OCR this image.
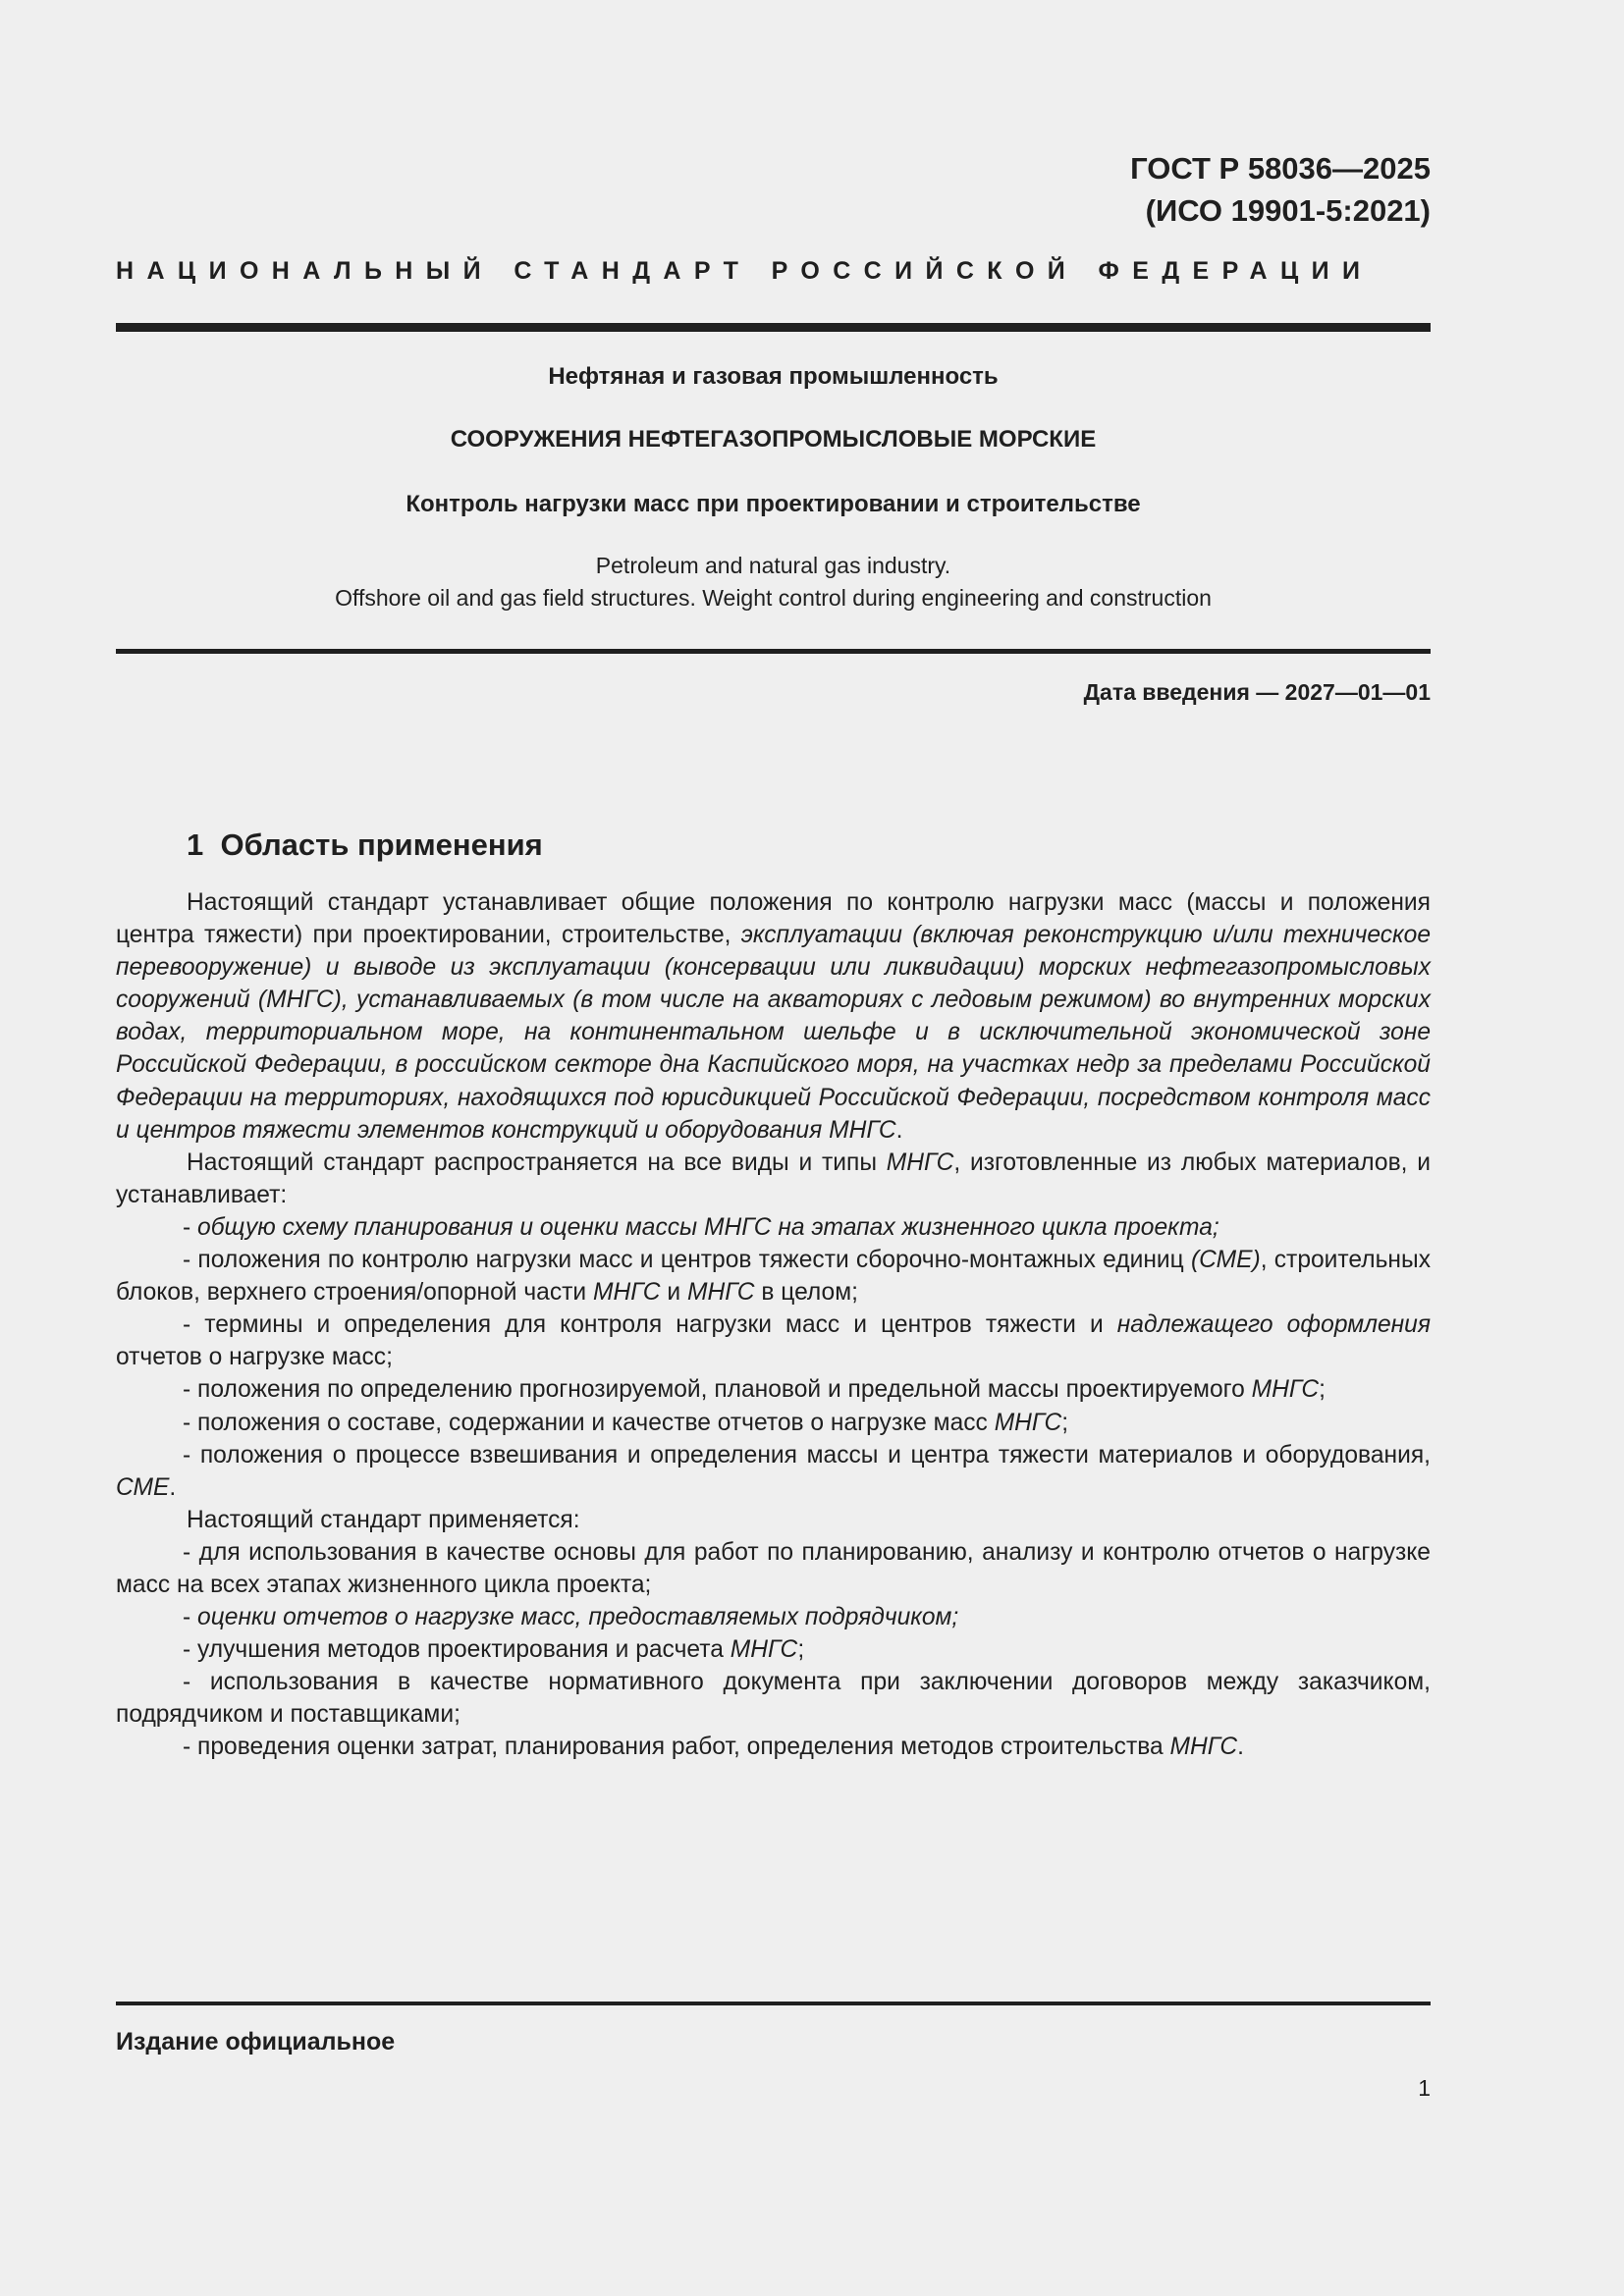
ГОСТ Р 58036—2025
(ИСО 19901-5:2021)
НАЦИОНАЛЬНЫЙ СТАНДАРТ РОССИЙСКОЙ ФЕДЕРАЦИИ
Нефтяная и газовая промышленность
СООРУЖЕНИЯ НЕФТЕГАЗОПРОМЫСЛОВЫЕ МОРСКИЕ
Контроль нагрузки масс при проектировании и строительстве
Petroleum and natural gas industry.
Offshore oil and gas field structures. Weight control during engineering and construction
Дата введения — 2027—01—01
1 Область применения

Настоящий стандарт устанавливает общие положения по контролю нагрузки масс (массы и положения центра тяжести) при проектировании, строительстве, эксплуатации (включая реконструкцию и/или техническое перевооружение) и выводе из эксплуатации (консервации или ликвидации) морских нефтегазопромысловых сооружений (МНГС), устанавливаемых (в том числе на акваториях с ледовым режимом) во внутренних морских водах, территориальном море, на континентальном шельфе и в исключительной экономической зоне Российской Федерации, в российском секторе дна Каспийского моря, на участках недр за пределами Российской Федерации на территориях, находящихся под юрисдикцией Российской Федерации, посредством контроля масс и центров тяжести элементов конструкций и оборудования МНГС.

Настоящий стандарт распространяется на все виды и типы МНГС, изготовленные из любых материалов, и устанавливает:

- общую схему планирования и оценки массы МНГС на этапах жизненного цикла проекта;

- положения по контролю нагрузки масс и центров тяжести сборочно-монтажных единиц (СМЕ), строительных блоков, верхнего строения/опорной части МНГС и МНГС в целом;

- термины и определения для контроля нагрузки масс и центров тяжести и надлежащего оформления отчетов о нагрузке масс;

- положения по определению прогнозируемой, плановой и предельной массы проектируемого МНГС;

- положения о составе, содержании и качестве отчетов о нагрузке масс МНГС;

- положения о процессе взвешивания и определения массы и центра тяжести материалов и оборудования, СМЕ.

Настоящий стандарт применяется:

- для использования в качестве основы для работ по планированию, анализу и контролю отчетов о нагрузке масс на всех этапах жизненного цикла проекта;

- оценки отчетов о нагрузке масс, предоставляемых подрядчиком;

- улучшения методов проектирования и расчета МНГС;

- использования в качестве нормативного документа при заключении договоров между заказчиком, подрядчиком и поставщиками;

- проведения оценки затрат, планирования работ, определения методов строительства МНГС.

Издание официальное
1
